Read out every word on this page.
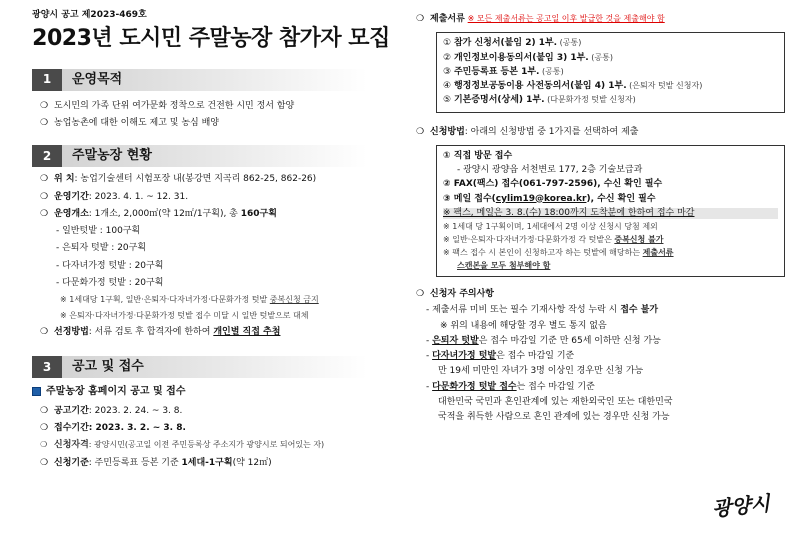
광양시 공고 제2023-469호
2023년 도시민 주말농장 참가자 모집
1	운영목적

❍ 도시민의 가족 단위 여가문화 정착으로 건전한 시민 정서 함양

❍ 농업농촌에 대한 이해도 제고 및 농심 배양

2	주말농장 현황

❍ 위 치: 농업기술센터 시험포장 내(봉강면 지곡리 862-25, 862-26)

❍ 운영기간: 2023. 4. 1. ~ 12. 31.

❍ 운영개소: 1개소, 2,000㎡(약 12㎡/1구획), 총 160구획

- 일반텃밭 : 100구획

- 은퇴자 텃밭 : 20구획

- 다자녀가정 텃밭 : 20구획

- 다문화가정 텃밭 : 20구획

※ 1세대당 1구획, 일반·은퇴자·다자녀가정·다문화가정 텃밭 중복신청 금지

※ 은퇴자·다자녀가정·다문화가정 텃밭 접수 미달 시 일반 텃밭으로 대체

❍ 선정방법: 서류 검토 후 합격자에 한하여 개인별 직접 추첨

3	공고 및 접수

주말농장 홈페이지 공고 및 접수

❍ 공고기간: 2023. 2. 24. ~ 3. 8.

❍ 접수기간: 2023. 3. 2. ~ 3. 8.

❍ 신청자격: 광양시민(공고일 이전 주민등록상 주소지가 광양시로 되어있는 자)

❍ 신청기준: 주민등록표 등본 기준 1세대-1구획(약 12㎡)

❍ 제출서류 ※ 모든 제출서류는 공고일 이후 발급한 것을 제출해야 함

① 참가 신청서(붙임 2) 1부. (공통)

② 개인정보이용동의서(붙임 3) 1부. (공통)

③ 주민등록표 등본 1부. (공통)

④ 행정정보공동이용 사전동의서(붙임 4) 1부. (은퇴자 텃밭 신청자)

⑤ 기본증명서(상세) 1부. (다문화가정 텃밭 신청자)

❍ 신청방법: 아래의 신청방법 중 1가지를 선택하여 제출

① 직접 방문 접수

- 광양시 광양읍 서천변로 177, 2층 기술보급과

② FAX(팩스) 접수(061-797-2596), 수신 확인 필수

③ 메일 접수(cylim19@korea.kr), 수신 확인 필수

※ 팩스, 메일은 3. 8.(수) 18:00까지 도착분에 한하여 접수 마감

※ 1세대 당 1구획이며, 1세대에서 2명 이상 신청시 당첨 제외

※ 일반·은퇴자·다자녀가정·다문화가정 각 텃밭은 중복신청 불가

※ 팩스 접수 시 본인이 신청하고자 하는 텃밭에 해당하는 제출서류

스캔본을 모두 첨부해야 함

❍ 신청자 주의사항

- 제출서류 미비 또는 필수 기재사항 작성 누락 시 접수 불가

※ 위의 내용에 해당할 경우 별도 통지 없음

- 은퇴자 텃밭은 접수 마감일 기준 만 65세 이하만 신청 가능

- 다자녀가정 텃밭은 접수 마감일 기준

만 19세 미만인 자녀가 3명 이상인 경우만 신청 가능

- 다문화가정 텃밭 접수는 접수 마감일 기준

대한민국 국민과 혼인관계에 있는 재한외국인 또는 대한민국

국적을 취득한 사람으로 혼인 관계에 있는 경우만 신청 가능

광양시
